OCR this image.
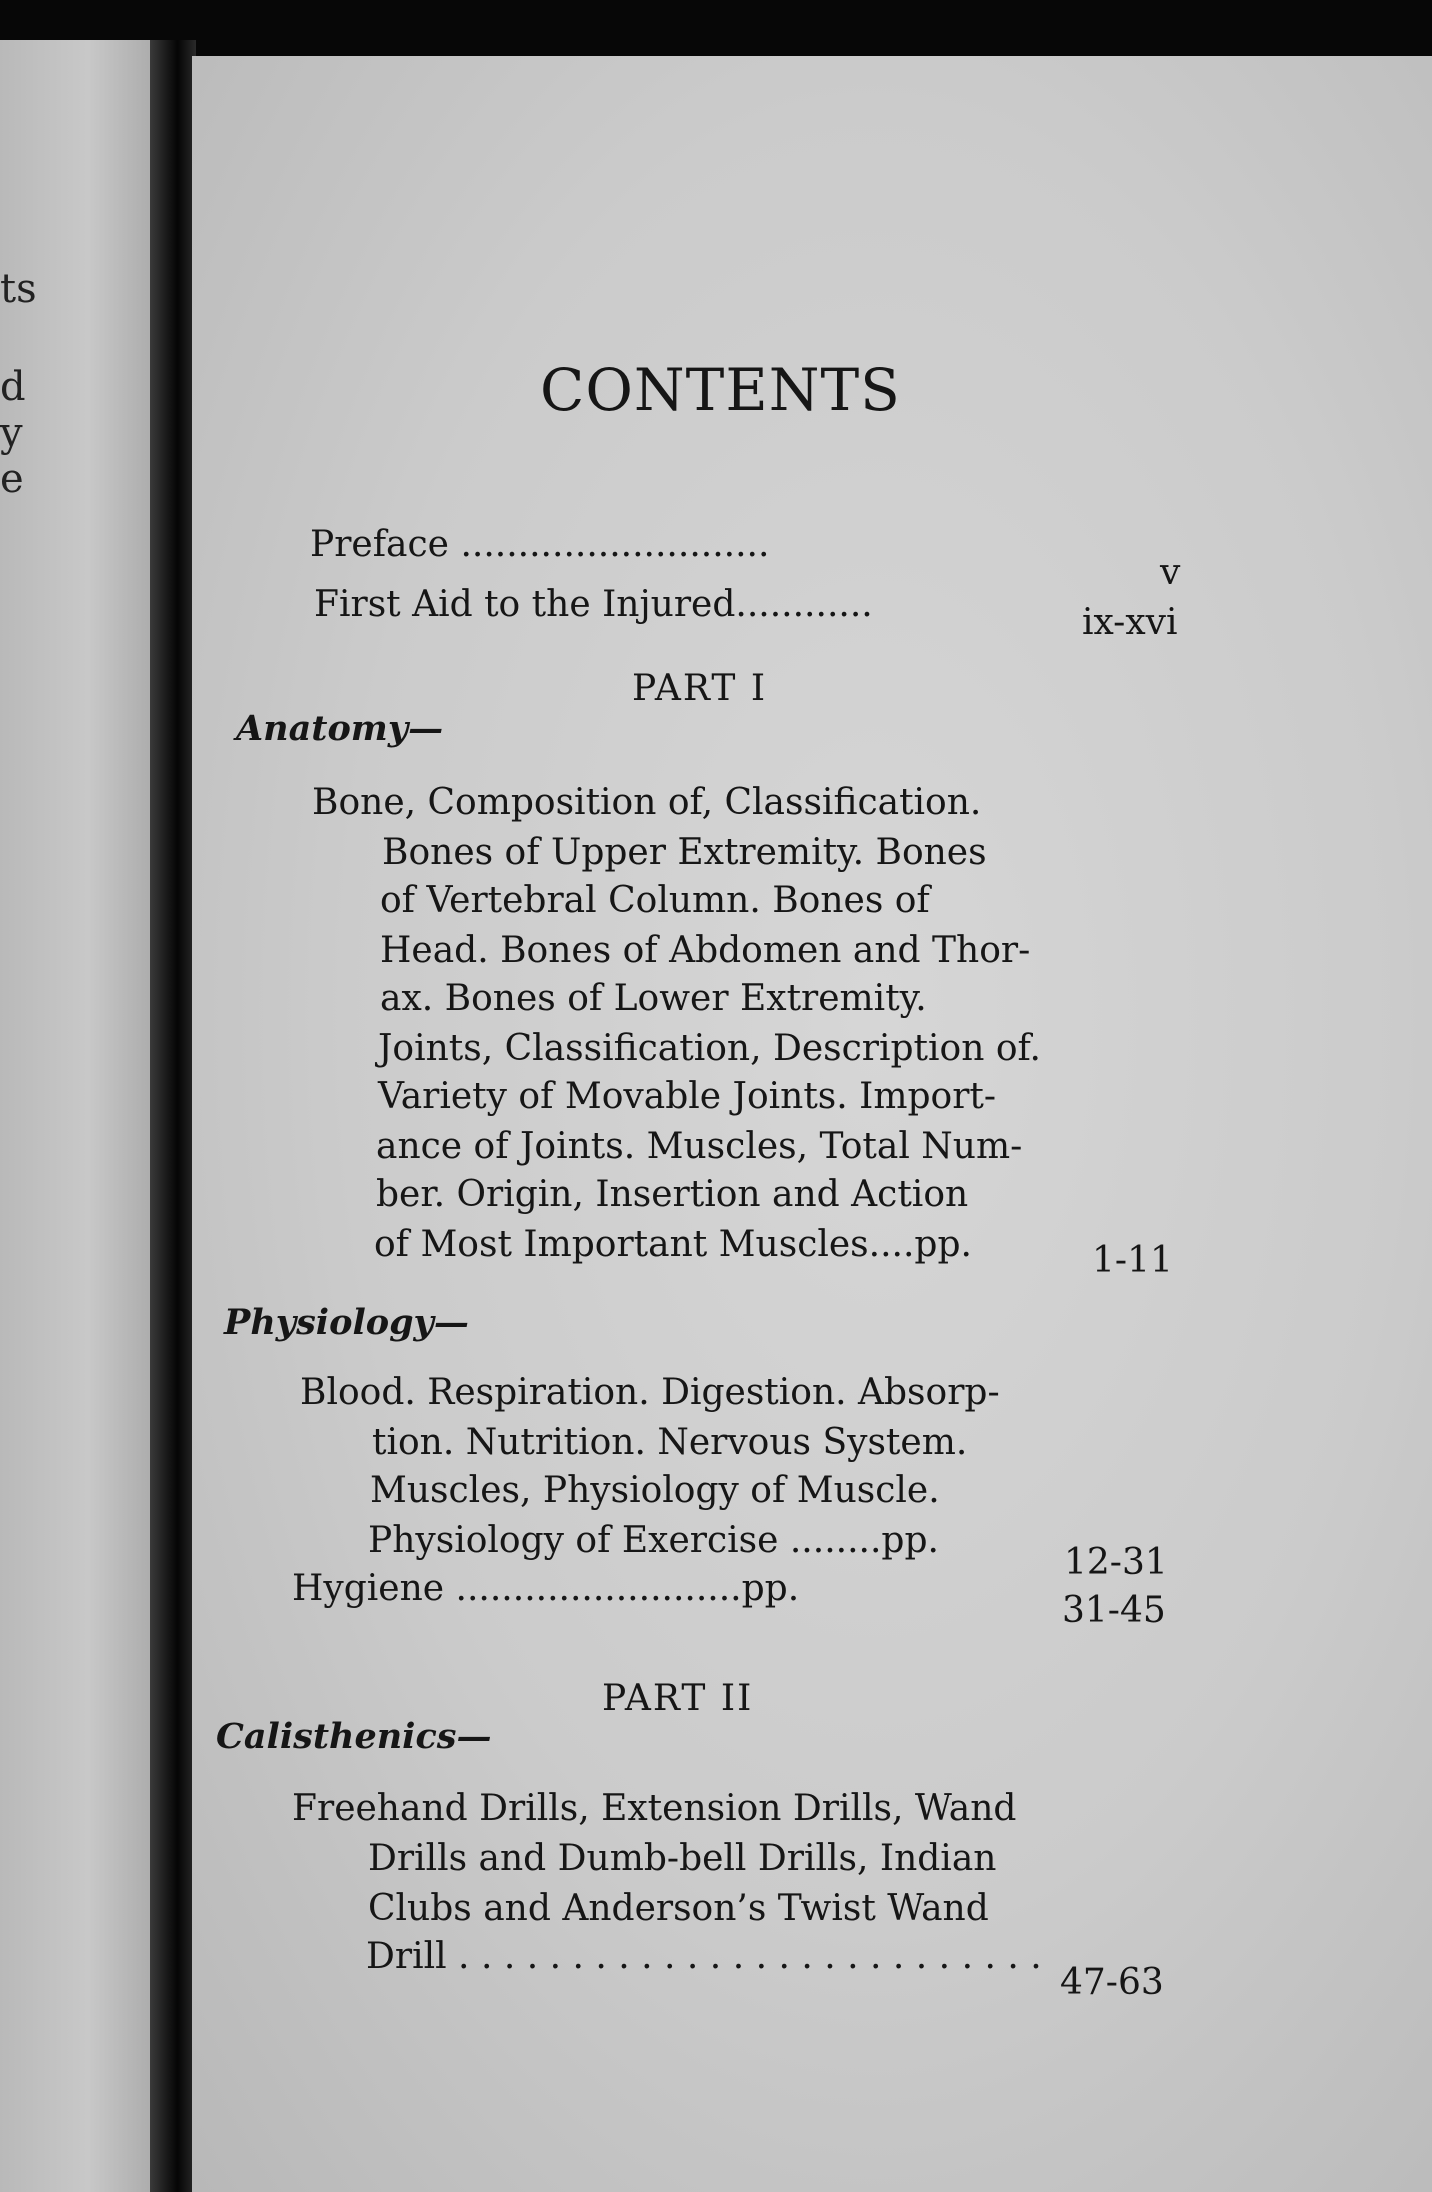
ts
d
y
e
CONTENTS
Preface ...........................
v
First Aid to the Injured............	ix-xvi
PART I
Anatomy—
Bone, Composition of, Classification.
Bones of Upper Extremity. Bones
of Vertebral Column. Bones of
Head. Bones of Abdomen and Thor-
ax. Bones of Lower Extremity.
Joints, Classification, Description of.
Variety of Movable Joints. Import-
ance of Joints. Muscles, Total Num-
ber. Origin, Insertion and Action
of Most Important Muscles....pp.	1-11
Physiology—
Blood. Respiration. Digestion. Absorp-
tion. Nutrition. Nervous System.
Muscles, Physiology of Muscle.
Physiology of Exercise ........pp.
12-31
Hygiene .........................pp.
31-45
PART II
Calisthenics—
Freehand Drills, Extension Drills, Wand
Drills and Dumb-bell Drills, Indian
Clubs and Anderson’s Twist Wand
Drill . . . . . . . . . . . . . . . . . . . . . . . . . .
47-63
